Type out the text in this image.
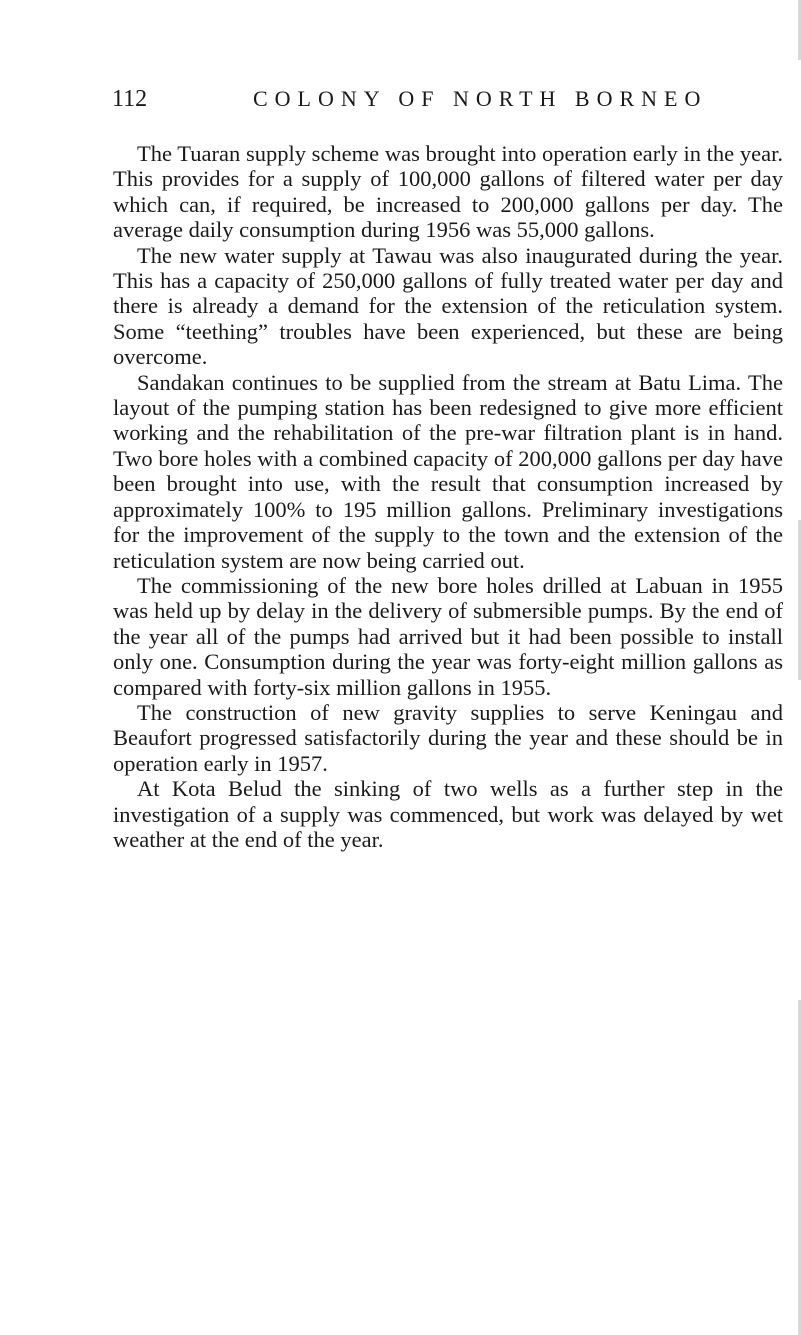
112	COLONY OF NORTH BORNEO

The Tuaran supply scheme was brought into operation early in the year. This provides for a supply of 100,000 gallons of filtered water per day which can, if required, be increased to 200,000 gallons per day. The average daily consumption during 1956 was 55,000 gallons.

The new water supply at Tawau was also inaugurated during the year. This has a capacity of 250,000 gallons of fully treated water per day and there is already a demand for the extension of the reticulation system. Some “teething” troubles have been experienced, but these are being overcome.

Sandakan continues to be supplied from the stream at Batu Lima. The layout of the pumping station has been redesigned to give more efficient working and the rehabilitation of the pre-war filtration plant is in hand. Two bore holes with a combined capacity of 200,000 gallons per day have been brought into use, with the result that consumption increased by approximately 100% to 195 million gallons. Preliminary investigations for the improvement of the supply to the town and the extension of the reticulation system are now being carried out.

The commissioning of the new bore holes drilled at Labuan in 1955 was held up by delay in the delivery of submersible pumps. By the end of the year all of the pumps had arrived but it had been possible to install only one. Consumption during the year was forty-eight million gallons as compared with forty-six million gallons in 1955.

The construction of new gravity supplies to serve Keningau and Beaufort progressed satisfactorily during the year and these should be in operation early in 1957.

At Kota Belud the sinking of two wells as a further step in the investigation of a supply was commenced, but work was delayed by wet weather at the end of the year.
